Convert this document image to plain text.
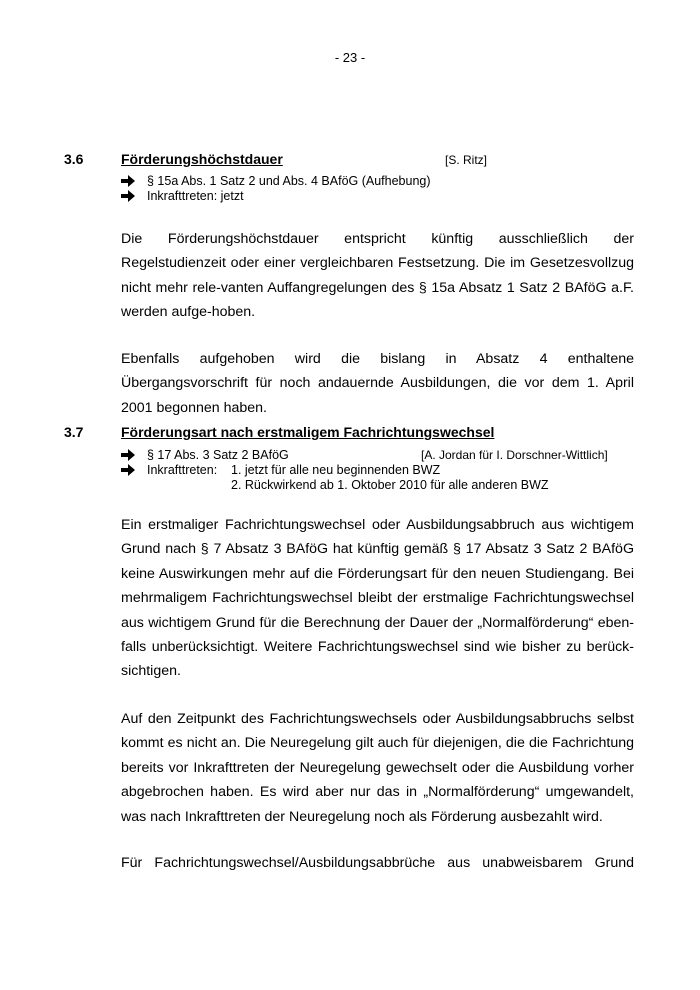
- 23 -
3.6	Förderungshöchstdauer	[S. Ritz]
§ 15a Abs. 1 Satz 2 und Abs. 4 BAföG (Aufhebung)
Inkrafttreten: jetzt

Die Förderungshöchstdauer entspricht künftig ausschließlich der Regelstudienzeit oder einer vergleichbaren Festsetzung. Die im Gesetzesvollzug nicht mehr rele-vanten Auffangregelungen des § 15a Absatz 1 Satz 2 BAföG a.F. werden aufge-hoben.

Ebenfalls aufgehoben wird die bislang in Absatz 4 enthaltene Übergangsvorschrift für noch andauernde Ausbildungen, die vor dem 1. April 2001 begonnen haben.

3.7	Förderungsart nach erstmaligem Fachrichtungswechsel
§ 17 Abs. 3 Satz 2 BAföG
Inkrafttreten: 1. jetzt für alle neu beginnenden BWZ
2. Rückwirkend ab 1. Oktober 2010 für alle anderen BWZ
[A. Jordan für I. Dorschner-Wittlich]

Ein erstmaliger Fachrichtungswechsel oder Ausbildungsabbruch aus wichtigem Grund nach § 7 Absatz 3 BAföG hat künftig gemäß § 17 Absatz 3 Satz 2 BAföG keine Auswirkungen mehr auf die Förderungsart für den neuen Studiengang. Bei mehrmaligem Fachrichtungswechsel bleibt der erstmalige Fachrichtungswechsel aus wichtigem Grund für die Berechnung der Dauer der „Normalförderung“ eben-falls unberücksichtigt. Weitere Fachrichtungswechsel sind wie bisher zu berück-sichtigen.

Auf den Zeitpunkt des Fachrichtungswechsels oder Ausbildungsabbruchs selbst kommt es nicht an. Die Neuregelung gilt auch für diejenigen, die die Fachrichtung bereits vor Inkrafttreten der Neuregelung gewechselt oder die Ausbildung vorher abgebrochen haben. Es wird aber nur das in „Normalförderung“ umgewandelt, was nach Inkrafttreten der Neuregelung noch als Förderung ausbezahlt wird.

Für Fachrichtungswechsel/Ausbildungsabbrüche aus unabweisbarem Grund
